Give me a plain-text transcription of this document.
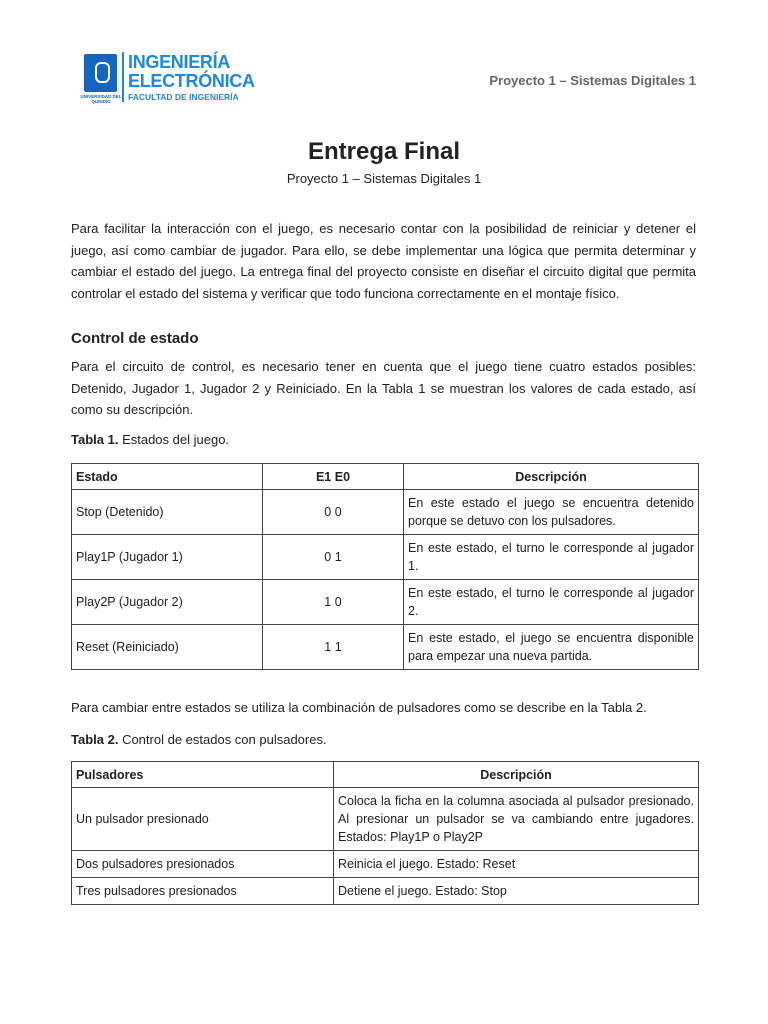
UNIVERSIDAD DEL QUINDÍO
INGENIERÍA
ELECTRÓNICA
FACULTAD DE INGENIERÍA
Proyecto 1 – Sistemas Digitales 1
Entrega Final
Proyecto 1 – Sistemas Digitales 1
Para facilitar la interacción con el juego, es necesario contar con la posibilidad de reiniciar y detener el juego, así como cambiar de jugador. Para ello, se debe implementar una lógica que permita determinar y cambiar el estado del juego. La entrega final del proyecto consiste en diseñar el circuito digital que permita controlar el estado del sistema y verificar que todo funciona correctamente en el montaje físico.
Control de estado
Para el circuito de control, es necesario tener en cuenta que el juego tiene cuatro estados posibles: Detenido, Jugador 1, Jugador 2 y Reiniciado. En la Tabla 1 se muestran los valores de cada estado, así como su descripción.
Tabla 1. Estados del juego.
Estado	E1 E0	Descripción
Stop (Detenido)	0 0	En este estado el juego se encuentra detenido porque se detuvo con los pulsadores.
Play1P (Jugador 1)	0 1	En este estado, el turno le corresponde al jugador 1.
Play2P (Jugador 2)	1 0	En este estado, el turno le corresponde al jugador 2.
Reset (Reiniciado)	1 1	En este estado, el juego se encuentra disponible para empezar una nueva partida.
Para cambiar entre estados se utiliza la combinación de pulsadores como se describe en la Tabla 2.
Tabla 2. Control de estados con pulsadores.
Pulsadores	Descripción
Un pulsador presionado	Coloca la ficha en la columna asociada al pulsador presionado. Al presionar un pulsador se va cambiando entre jugadores. Estados: Play1P o Play2P
Dos pulsadores presionados	Reinicia el juego. Estado: Reset
Tres pulsadores presionados	Detiene el juego. Estado: Stop
